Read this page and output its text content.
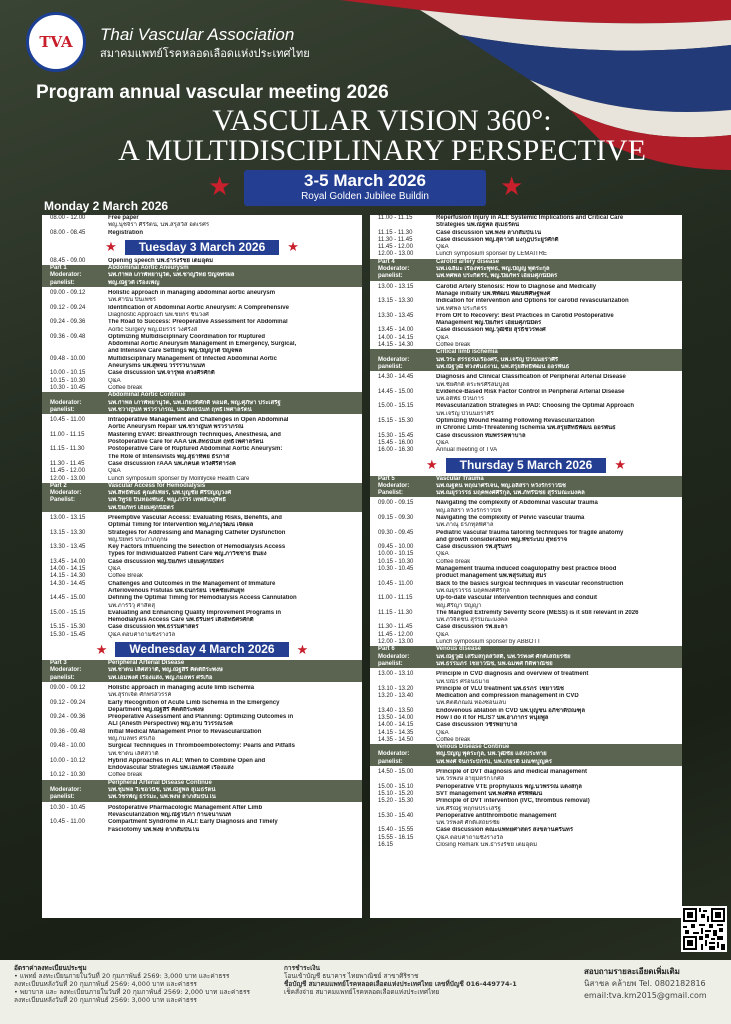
TVA Thai Vascular Association
สมาคมแพทย์โรคหลอดเลือดแห่งประเทศไทย
Program annual vascular meeting 2026
VASCULAR VISION 360°:
A MULTIDISCIPLINARY PERSPECTIVE
★	3-5 March 2026
Royal Golden Jubilee Buildin	★
Monday 2 March 2026
08.00 - 12.00	Free paper
พญ.นุชจิรา ศิริรัตน์, นพ.สรุสวัส อดเรศร
08.00 - 08.45	Registration
★	Tuesday 3 March 2026	★
08.45 - 09.00	Opening speech นพ.ธำรงรัชย์ เต็มอุดม
Part 1	Abdominal Aortic Aneurysm
Moderator:	นพ.กำพล เภาพัทยานุวัต, นพ.ชาญวิทย์ ปัญจพรผล
panelist:	พญ.ณัฐวดี เรืองเพ็ญ
09.00 - 09.12	Holistic approach in managing abdominal aortic aneurysm
นพ.ศานิน ปิ่นเพ็ชร์
09.12 - 09.24	Identification of Abdominal Aortic Aneurysm: A Comprehensive
Diagnostic Approach นพ.ชยกร ชินวงศ์
09.24 - 09.36	The Road to Success: Preoperative Assessment for Abdominal
Aortic Surgery พญ.มัยรวีร์ วงศ์รังสี
09.36 - 09.48	Optimizing Multidisciplinary Coordination for Ruptured
Abdominal Aortic Aneurysm Management in Emergency, Surgical,
and Intensive Care Settings พญ.ปัญญวดี ปัญจพล
09.48 - 10.00	Multidisciplinary Management of Infected Abdominal Aortic
Aneurysms นพ.สุพจน์ วรรรวนานนท์
10.00 - 10.15	Case discussion นพ.จารุพล ตวงศิรศักดิ์
10.15 - 10.30	Q&A
10.30 - 10.45	Coffee break
Abdominal Aortic Continue
Moderator:	นพ.กำพล เภาพัทยานุวัต, นพ.เกียรติศักดิ์ หอมดี, พญ.ศุภิษา ประเสริฐ
panelist:	นพ.ชวาญันท์ พรวราภรณ์, นพ.ลัทธนันท์ ฤทธิไพศาลรัตน์
10.45 - 11.00	Intraoperative Management and Challenges in Open Abdominal
Aortic Aneurysm Repair นพ.ชวาญันท์ พรวราภรณ์
11.00 - 11.15	Mastering EVAR: Breakthrough Techniques, Anesthesia, and
Postoperative Care for AAA นพ.ลัทธนันท์ ฤทธิไพศาลรัตน์
11.15 - 11.30	Postoperative Care of Ruptured Abdominal Aortic Aneurysm:
The Role of Intensivists พญ.สุธาทิพย์ ธีรภาส
11.30 - 11.45	Case discussion rAAA นพ.ภคนต์ หวังศิริดำรงค์
11.45 - 12.00	Q&A
12.00 - 13.00	Lunch symposium sponser by Molnlycke Health Care
Part 2	Vascular Access for Hemodialysis
Moderator:	นพ.สิทธิพันธ์ คุณดีเพียร, นพ.บุญชัย ศิริปัญญวงศ์
Panelist:	นพ.วิทูรย์ ปิ่นทองพันธ์, พญ.ภรวีร์ เทพสันทุสิทธิ์
นพ.ปิยภัทร เอี่ยมศุภนิมิตร
13.00 - 13.15	Preemptive Vascular Access: Evaluating Risks, Benefits, and
Optimal Timing for Intervention พญ.ภาญุวัฒน์ เจิดผล
13.15 - 13.30	Strategies for Addressing and Managing Catheter Dysfunction
พญ.ปิยพร ประภาภฤกษ์
13.30 - 13.45	Key Factors Influencing the Selection of Hemodialysis Access
Types for Individualized Patient Care พญ.ภาวิชชาธ์ ยืนยง
13.45 - 14.00	Case discussion พญ.ปิยภัทร เอี่ยมศุภนิมิตร
14.00 - 14.15	Q&A
14.15 - 14.30	Coffee Break
14.30 - 14.45	Challenges and Outcomes in the Management of Immature
Arteriovenous Fistulas นพ.ธนกร์ยน์ โชคชัยเสนยุท
14.45 - 15.00	Defining the Optimal Timing for Hemodialysis Access Cannulation
นพ.ภาร์วิวุ ศาสิตสุ
15.00 - 15.15	Evaluating and Enhancing Quality Improvement Programs in
Hemodialysis Access Care นพ.ธีรินทร์ เสิงอิทธิศรศักดิ์
15.15 - 15.30	Case discussion พพ.ธรรมศาสตร์
15.30 - 15.45	Q&A ตอบคำถามชิงรางวัล
★	Wednesday 4 March 2026	★
Part 3	Peripheral Arterial Disease
Moderator:	นพ.ชาดน เลิศสวาดิ์, พญ.ณัฐสิริ คิดดีถิระพงษ์
panelist:	นพ.เอ็มพงศ์ เรืองแสง, พญ.กมลพร ศรีเกื้อ
09.00 - 09.12	Holistic approach in managing acute limb ischemia
นพ.สุรีกเจิด ศักพรสวรรค์
09.12 - 09.24	Early Recognition of Acute Limb Ischemia in the Emergency
Department พญ.ณัฐสิริ คิดดีถิระพงษ์
09.24 - 09.36	Preoperative Assessment and Planning: Optimizing Outcomes in
ALI (Anesth Perspective) พญ.ลวบ วิวรรณรงค์
09.36 - 09.48	Initial Medical Management Prior to Revascularization
พญ.กมลพร ศรีเกื้อ
09.48 - 10.00	Surgical Techniques in Thromboembolectomy: Pearls and Pitfalls
นพ.ชาดน เลิศสวาดิ์
10.00 - 10.12	Hybrid Approaches in ALI: When to Combine Open and
Endovascular Strategies นพ.เอ็มพงศ์ เรืองแสง
10.12 - 10.30	Coffee break
Peripheral Arterial Disease Continue
Moderator:	นพ.ชุมพล วิเชอวนิช, นพ.ณัฐพล สุเมธรัตน์
panelist:	นพ.วัชรพัญ ธรรมะ, นพ.พงษ์ ลาภสัมบันโน
10.30 - 10.45	Postoperative Pharmacologic Management After Limb
Revascularization พญ.ณัฐวนิภา ก้านจนานนท์
10.45 - 11.00	Compartment Syndrome in ALI: Early Diagnosis and Timely
Fasciotomy นพ.พงษ์ ลาภสัมบันโน
11.00 - 11.15	Reperfusion Injury in ALI: Systemic Implications and Critical Care
Strategies นพ.ณัฐพล สุเมธรัตน์
11.15 - 11.30	Case discussion นพ.พงษ์ ลาภสัมบันโน
11.30 - 11.45	Case discussion พญ.สุดาวดี มงกุฎประยูรศักดิ์
11.45 - 12.00	Q&A
12.00 - 13.00	Lunch symposium sponser by LEMAITRE
Part 4	Carotid artery disease
Moderator:	นพ.เฉลิมะ เรืองพระพุทธ, พญ.ปัญญ พุดระกุล
panelist:	นพ.ทศพล ประกิตรีร, พญ.ปิยภัทร เอี่ยมศุภนิมิตร
13.00 - 13.15	Carotid Artery Stenosis: How to Diagnose and Medically
Manage initially นพ.พิพัฒน์ พัฒนพิศิษฐ์พงศ
13.15 - 13.30	Indication for intervention and Options for carotid revascularization
นพ.ทศพล ประกิตรีร
13.30 - 13.45	From OR to Recovery: Best Practices in Carotid Postoperative
Management พญ.ปิยภัทร เอี่ยมศุภนิมิตร
13.45 - 14.00	Case discussion พญ.วุฒิชัย สุรธิชวรพงศ์
14.00 - 14.15	Q&A
14.15 - 14.30	Coffee break
Critical limb ischemia
Moderator:	นพ.วีระ สรรธรมเรืองศรี, นพ.เจริญ ปีวนนยราศิริ
panelist:	นพ.ณัฐวุฒิ พ่วงพันธ์งาม, นพ.สรุยสิทธิ์พัฒน์ ออรพันธ์
14.30 - 14.45	Diagnosis and Clinical Classification of Peripheral Arterial Disease
นพ.ชัยศักดิ์ ตระพรศิริสมบูลย์
14.45 - 15.00	Evidence-Based Risk Factor Control in Peripheral Arterial Disease
นพ.อติพัธ ปัวน์การ
15.00 - 15.15	Revascularization Strategies in PAD: Choosing the Optimal Approach
นพ.เจริญ ปีวนนยราศิริ
15.15 - 15.30	Optimizing Wound Healing Following Revascularization
in Chronic Limb-Threatening Ischemia นพ.สรุยสิทธิ์พัฒน์ ออรพันธ์
15.30 - 15.45	Case discussion ทีมพรรคพาบาล
15.45 - 16.00	Q&A
16.00 - 16.30	Annual meeting of TVA
★	Thursday 5 March 2026	★
Part 5	Vascular Trauma
Moderator:	นพ.ณฐดน ทฤณาศรีเจน, พญ.อลิสรา หวังรักราวนิช
Panelist:	นพ.ณยุรวรรธ มฤคพงศ์ศิริกุล, นพ.ภัทรินิชย์ สุรีรมณะมงคล
09.00 - 09.15	Navigating the complexity of Abdominal vascular trauma
พญ.อลิสรา หวังรักราวนิช
09.15 - 09.30	Navigating the complexity of Pelvic vascular trauma
นพ.ภาณุ ธีรภทุลพิศาล
09.30 - 09.45	Pediatric vascular trauma tailoring techniques for fragile anatomy
and growth consideration พญ.พัชระนบ สุทธราจ
09.45 - 10.00	Case discussion รพ.สุรินทร์
10.00 - 10.15	Q&A
10.15 - 10.30	Coffee break
10.30 - 10.45	Management trauma induced coagulopathy best practice blood
product management นพ.พสุรเสมญ์ สมร
10.45 - 11.00	Back to the basics surgical techniques in vascular reconstruction
นพ.ณยุรวรรธ มฤคพงศ์ศิริกุล
11.00 - 11.15	Up-to-date vascular intervention techniques and conduit
พญ.ศิริญา ปัญญา
11.15 - 11.30	The Mangled Extremity Severity Score (MESS) is it still relevant in 2026
นพ.ภวิจิตชน์ สุรีรมณะมงคล
11.30 - 11.45	Case discussion รพ.ยะลา
11.45 - 12.00	Q&A
12.00 - 13.00	Lunch symposium sponser by ABBOTT
Part 6	Venous disease
Moderator:	นพ.ณัฐวุฒิ เสริมสกุลสวัสดิ์, นพ.วีรพงศ์ ศักดิ์เสถียรชัย
panelist:	นพ.ธรรมภร ไชยาวนิช, นพ.ฉมพศ์ กิติพาณิชย์
13.00 - 13.10	Principle in CVD diagnosis and overview of treatment
นพ.ปีณิร ศรีอนธมาย
13.10 - 13.20	Principle of VLU treatment นพ.ธรภร ไชยาวนิช
13.20 - 13.40	Medication and compression management in CVD
นพ.คิตติภณณ์ ทองซ้อนเล็บ
13.40 - 13.50	Endovenous ablation in CVD นพ.บุญชน อภิชาติบัณฑุล
13.50 - 14.00	How I do it for HL/S? นพ.ฮาภากร หนุ่ยพูล
14.00 - 14.15	Case discussion วชิรพยาบาล
14.15 - 14.35	Q&A
14.35 - 14.50	Coffee break
Venous Disease Continue
Moderator:	พญ.ปัญญ พุดระกุล, นพ.วุฒิชัย แสงประทาย
panelist:	นพ.พงศ์ จีนกระบักร์บ, นพ.เกียรติ มณฑปูญคร
14.50 - 15.00	Principle of DVT diagnosis and medical management
นพ.วีรพงษ์ อายุมีตรึกโกศล
15.00 - 15.10	Perioperative VTE prophylaxis พญ.นวพรรณ แดงสกุล
15.10 - 15.20	SVT management นพ.พงศ์พล ศรีพิพัฒน์
15.20 - 15.30	Principle of DVT intervention (IVC, thrombus removal)
นพ.ศิริณัฐ ทฤกษ์ประเสริฐ
15.30 - 15.40	Perioperative antithrombotic management
นพ.วีรพงศ์ ศักดิ์เสถียรชัย
15.40 - 15.55	Case discussion คณะแพทยศาสตร์ สงขลานครินทร์
15.55 - 16.15	Q&A ตอบคำถามชิงรางวัล
16.15	Closing Remark นพ.ธำรงรัชย์ เต็มอุดม
อัตราค่าลงทะเบียนประชุม
• แพทย์ ลงทะเบียนภายในวันที่ 20 กุมภาพันธ์ 2569: 3,000 บาท และค่าธรร
ลงทะเบียนหลังวันที่ 20 กุมภาพันธ์ 2569: 4,000 บาท และค่าธรร
• พยาบาล และ ลงทะเบียนภายในวันที่ 20 กุมภาพันธ์ 2569: 2,000 บาท และค่าธรร
ลงทะเบียนหลังวันที่ 20 กุมภาพันธ์ 2569: 3,000 บาท และค่าธรร
การชำระเงิน
โอนเข้าบัญชี ธนาคาร ไทยพาณิชย์ สาขาศิริราช
ชื่อบัญชี สมาคมแพทย์โรคหลอดเลือดแห่งประเทศไทย เลขที่บัญชี 016-449774-1
เช็คสั่งจ่าย สมาคมแพทย์โรคหลอดเลือดแห่งประเทศไทย
สอบถามรายละเอียดเพิ่มเติม
นิสาชล คล้ายพ Tel. 0802182816
email:tva.km2015@gmail.com
